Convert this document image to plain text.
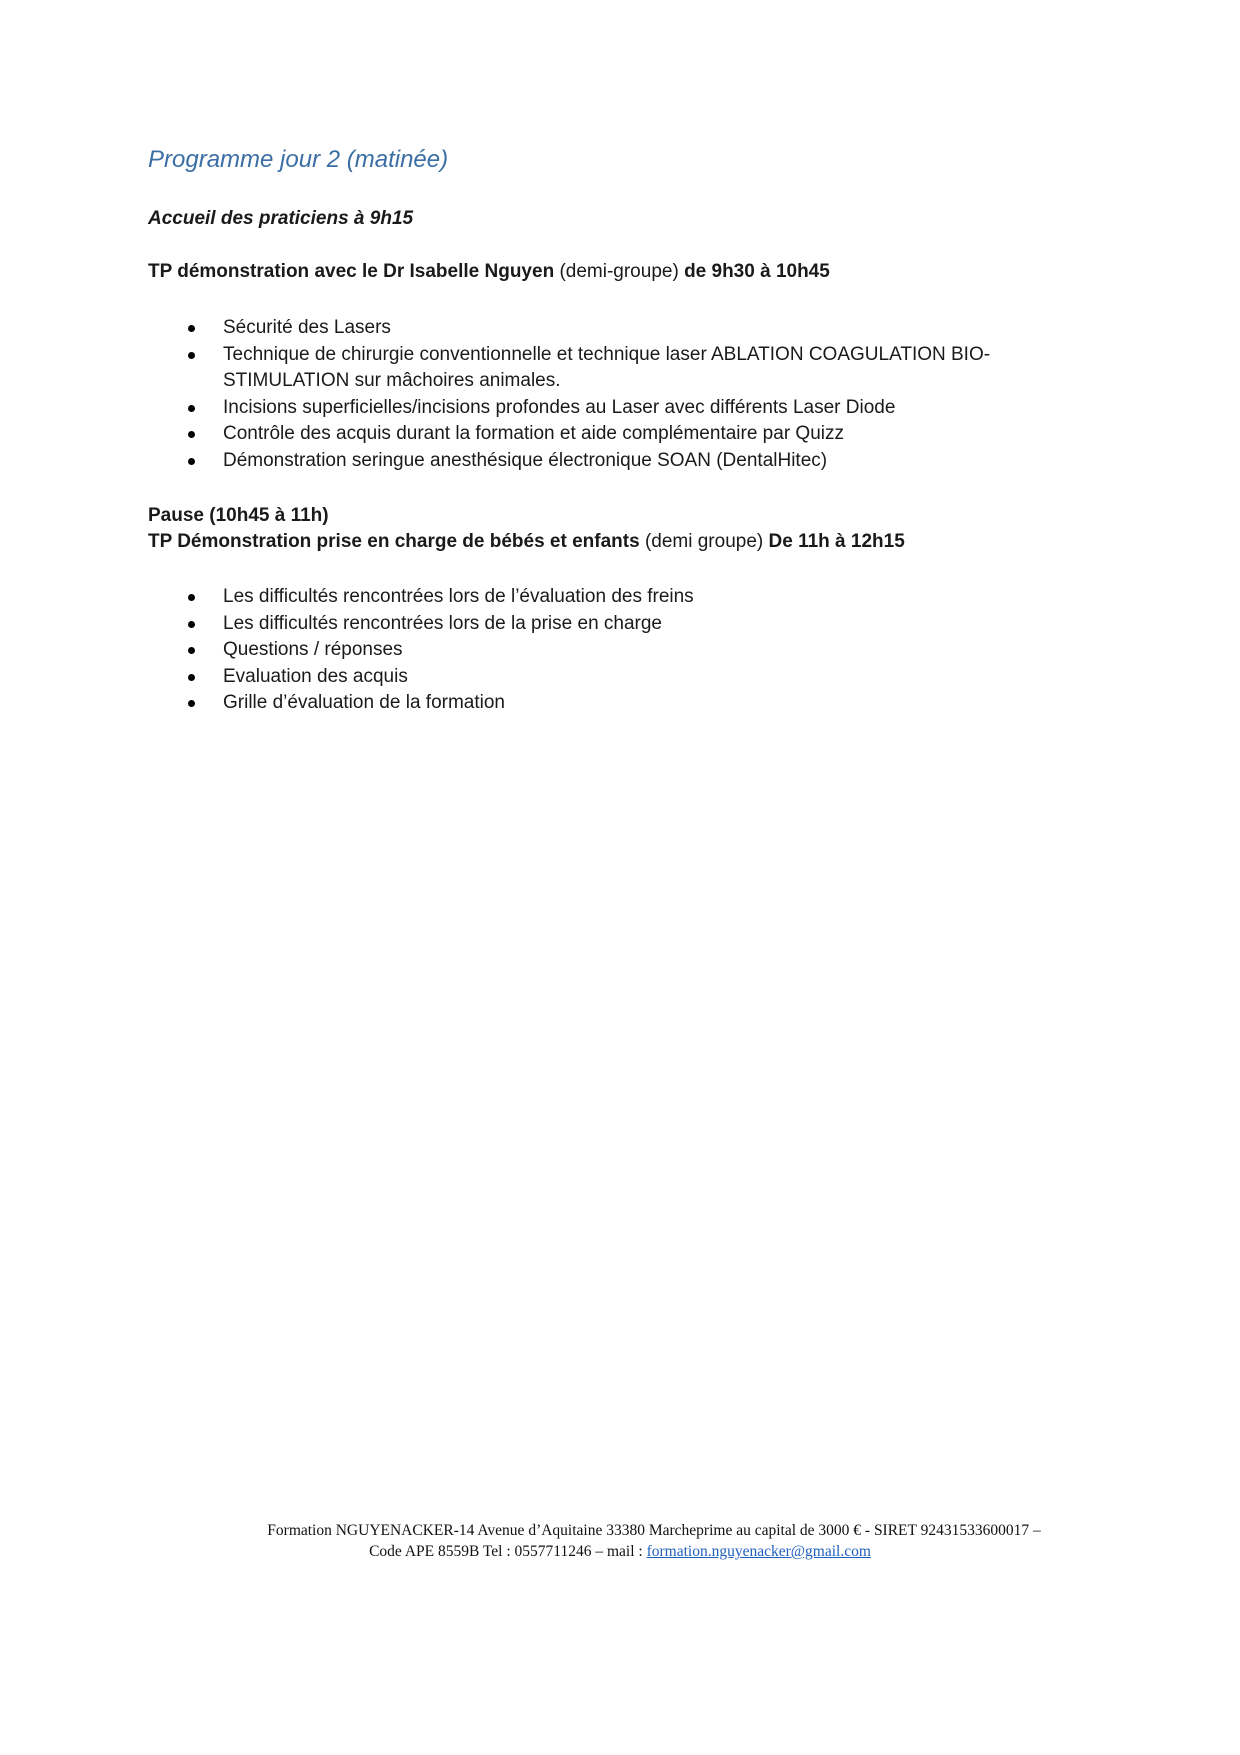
Programme jour 2 (matinée)

Accueil des praticiens à 9h15

TP démonstration avec le Dr Isabelle Nguyen (demi-groupe) de 9h30 à 10h45

Sécurité des Lasers
Technique de chirurgie conventionnelle et technique laser ABLATION COAGULATION BIO-STIMULATION sur mâchoires animales.
Incisions superficielles/incisions profondes au Laser avec différents Laser Diode
Contrôle des acquis durant la formation et aide complémentaire par Quizz
Démonstration seringue anesthésique électronique SOAN (DentalHitec)

Pause (10h45 à 11h)

TP Démonstration prise en charge de bébés et enfants (demi groupe) De 11h à 12h15

Les difficultés rencontrées lors de l’évaluation des freins
Les difficultés rencontrées lors de la prise en charge
Questions / réponses
Evaluation des acquis
Grille d’évaluation de la formation
Formation NGUYENACKER-14 Avenue d’Aquitaine 33380 Marcheprime au capital de 3000 € - SIRET 92431533600017 –
Code APE 8559B Tel : 0557711246 – mail : formation.nguyenacker@gmail.com
